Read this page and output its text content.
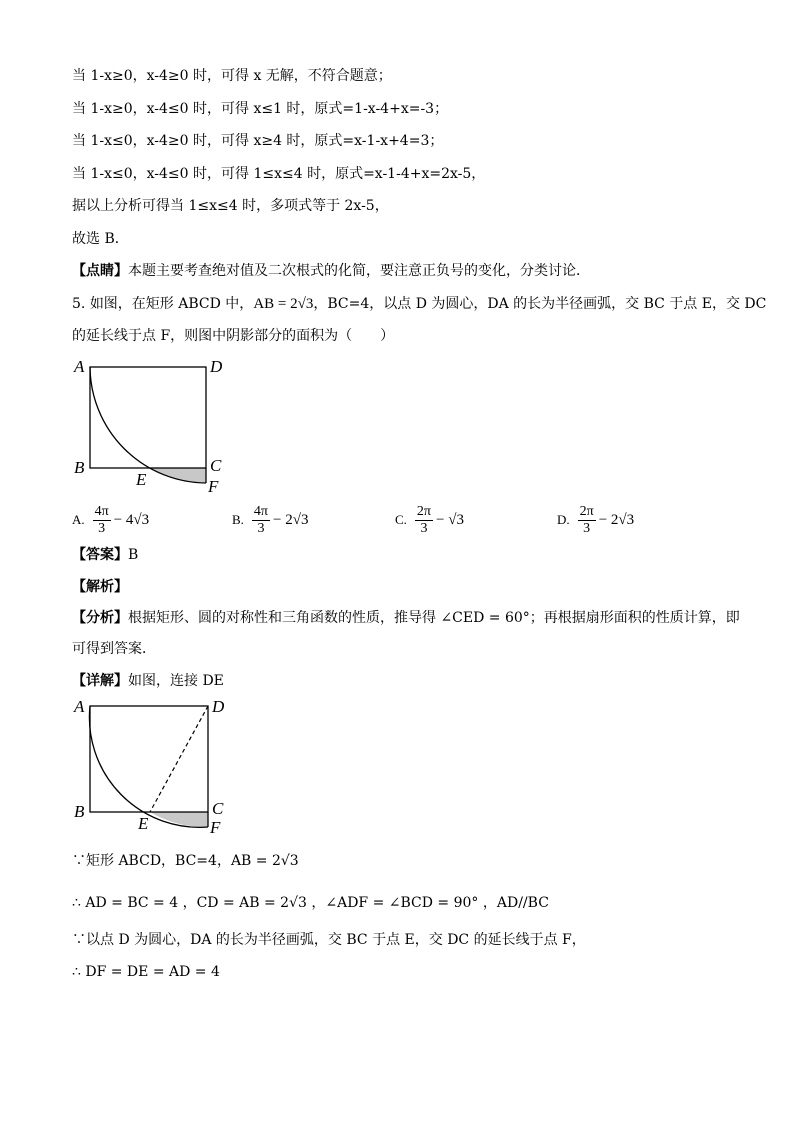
当 1-x≥0，x-4≥0 时，可得 x 无解，不符合题意；
当 1-x≥0，x-4≤0 时，可得 x≤1 时，原式=1-x-4+x=-3；
当 1-x≤0，x-4≥0 时，可得 x≥4 时，原式=x-1-x+4=3；
当 1-x≤0，x-4≤0 时，可得 1≤x≤4 时，原式=x-1-4+x=2x-5，
据以上分析可得当 1≤x≤4 时，多项式等于 2x-5，
故选 B．
【点睛】本题主要考查绝对值及二次根式的化简，要注意正负号的变化，分类讨论．
5. 如图，在矩形 ABCD 中，AB = 2√3，BC=4，以点 D 为圆心，DA 的长为半径画弧，交 BC 于点 E，交 DC
的延长线于点 F，则图中阴影部分的面积为（　　）
A	D
B	C
E	F
A. $\frac{4\pi}{3} - 4√3$	B. $\frac{4\pi}{3} - 2√3$	C. $\frac{2\pi}{3} - √3$	D. $\frac{2\pi}{3} - 2√3$
【答案】B
【解析】
【分析】根据矩形、圆的对称性和三角函数的性质，推导得 ∠CED = 60°；再根据扇形面积的性质计算，即
可得到答案．
【详解】如图，连接 DE
A	D
B	C
E	F
∵矩形 ABCD，BC=4，AB = 2√3
∴ AD = BC = 4 ，CD = AB = 2√3 ，∠ADF = ∠BCD = 90° ，AD//BC
∵以点 D 为圆心，DA 的长为半径画弧，交 BC 于点 E，交 DC 的延长线于点 F，
∴ DF = DE = AD = 4
